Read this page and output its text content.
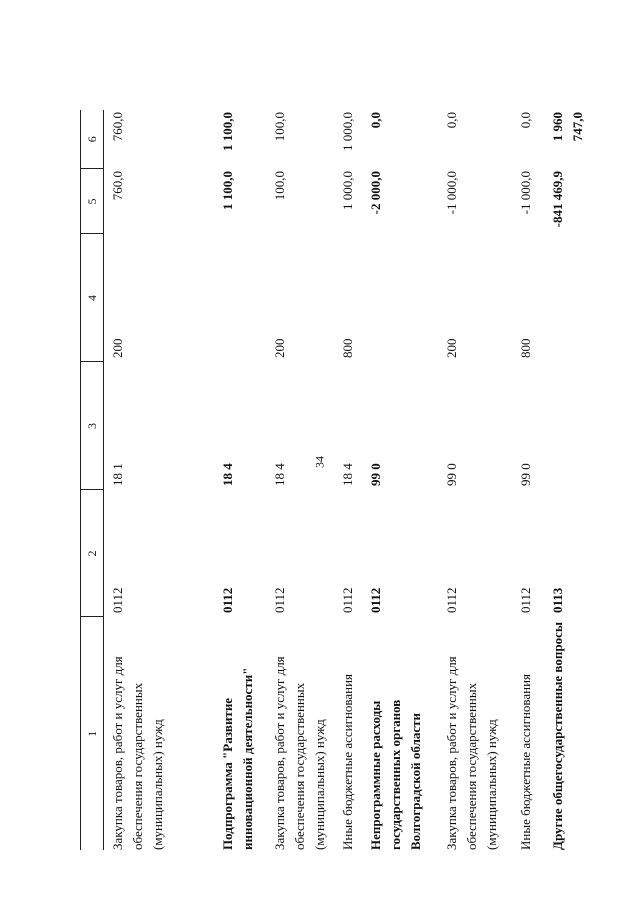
34
1	2	3	4	5	6
Закупка товаров, работ и услуг для обеспечения государственных (муниципальных) нужд	0112	18 1	200	760,0	760,0
Подпрограмма "Развитие инновационной деятельности"	0112	18 4		1 100,0	1 100,0
Закупка товаров, работ и услуг для обеспечения государственных (муниципальных) нужд	0112	18 4	200	100,0	100,0
Иные бюджетные ассигнования	0112	18 4	800	1 000,0	1 000,0
Непрограммные расходы государственных органов Волгоградской области	0112	99 0		-2 000,0	0,0
Закупка товаров, работ и услуг для обеспечения государственных (муниципальных) нужд	0112	99 0	200	-1 000,0	0,0
Иные бюджетные ассигнования	0112	99 0	800	-1 000,0	0,0
Другие общегосударственные вопросы	0113			-841 469,9	1 960 747,0
